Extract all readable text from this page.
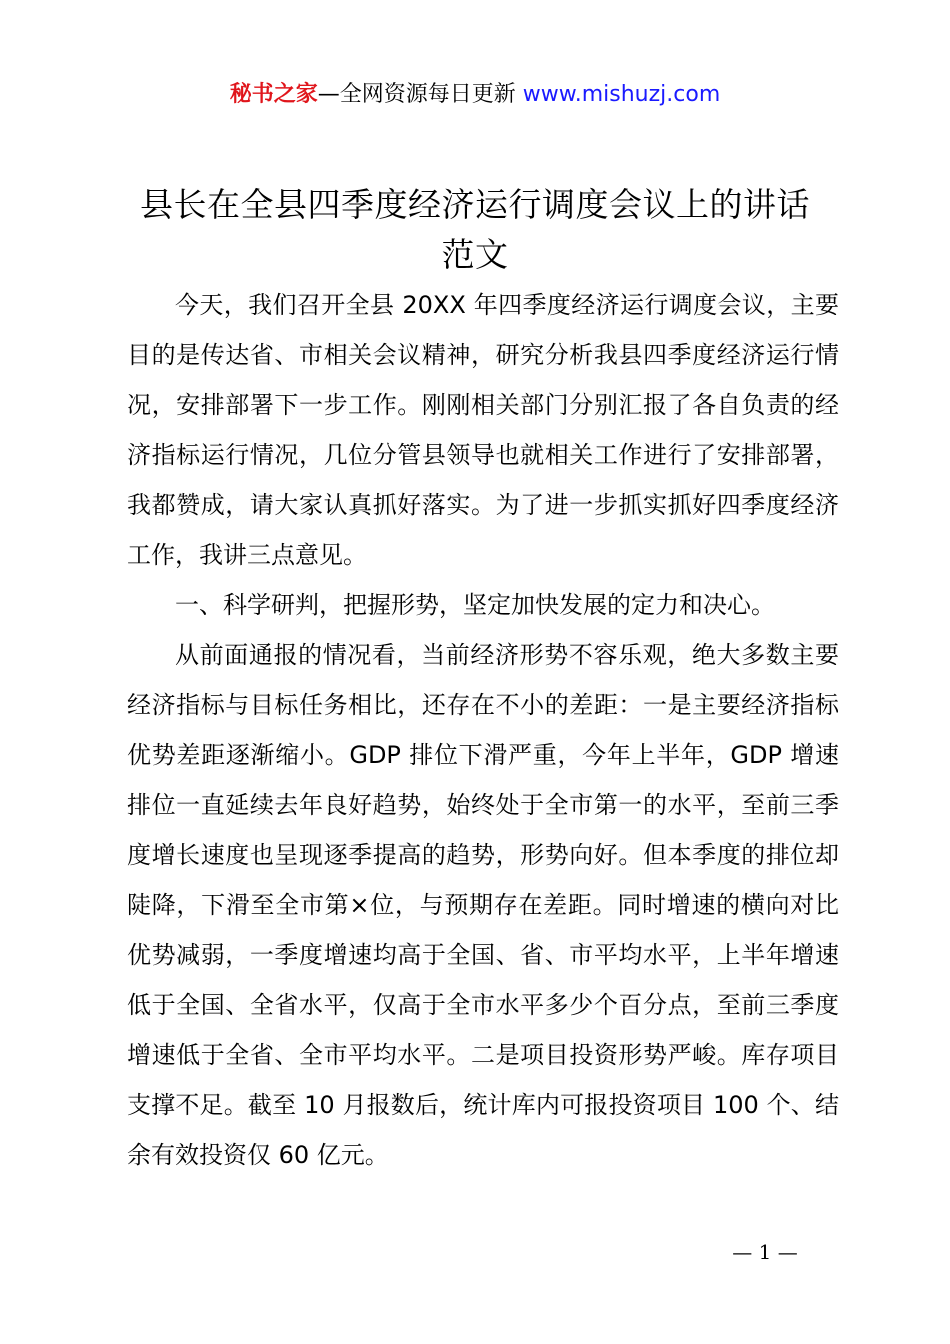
秘书之家—全网资源每日更新 www.mishuzj.com
县长在全县四季度经济运行调度会议上的讲话
范文

今天，我们召开全县 20XX 年四季度经济运行调度会议，主要目的是传达省、市相关会议精神，研究分析我县四季度经济运行情况，安排部署下一步工作。刚刚相关部门分别汇报了各自负责的经济指标运行情况，几位分管县领导也就相关工作进行了安排部署，我都赞成，请大家认真抓好落实。为了进一步抓实抓好四季度经济工作，我讲三点意见。

一、科学研判，把握形势，坚定加快发展的定力和决心。

从前面通报的情况看，当前经济形势不容乐观，绝大多数主要经济指标与目标任务相比，还存在不小的差距：一是主要经济指标优势差距逐渐缩小。GDP 排位下滑严重，今年上半年，GDP 增速排位一直延续去年良好趋势，始终处于全市第一的水平，至前三季度增长速度也呈现逐季提高的趋势，形势向好。但本季度的排位却陡降，下滑至全市第×位，与预期存在差距。同时增速的横向对比优势减弱，一季度增速均高于全国、省、市平均水平，上半年增速低于全国、全省水平，仅高于全市水平多少个百分点，至前三季度增速低于全省、全市平均水平。二是项目投资形势严峻。库存项目支撑不足。截至 10 月报数后，统计库内可报投资项目 100 个、结余有效投资仅 60 亿元。

— 1 —
